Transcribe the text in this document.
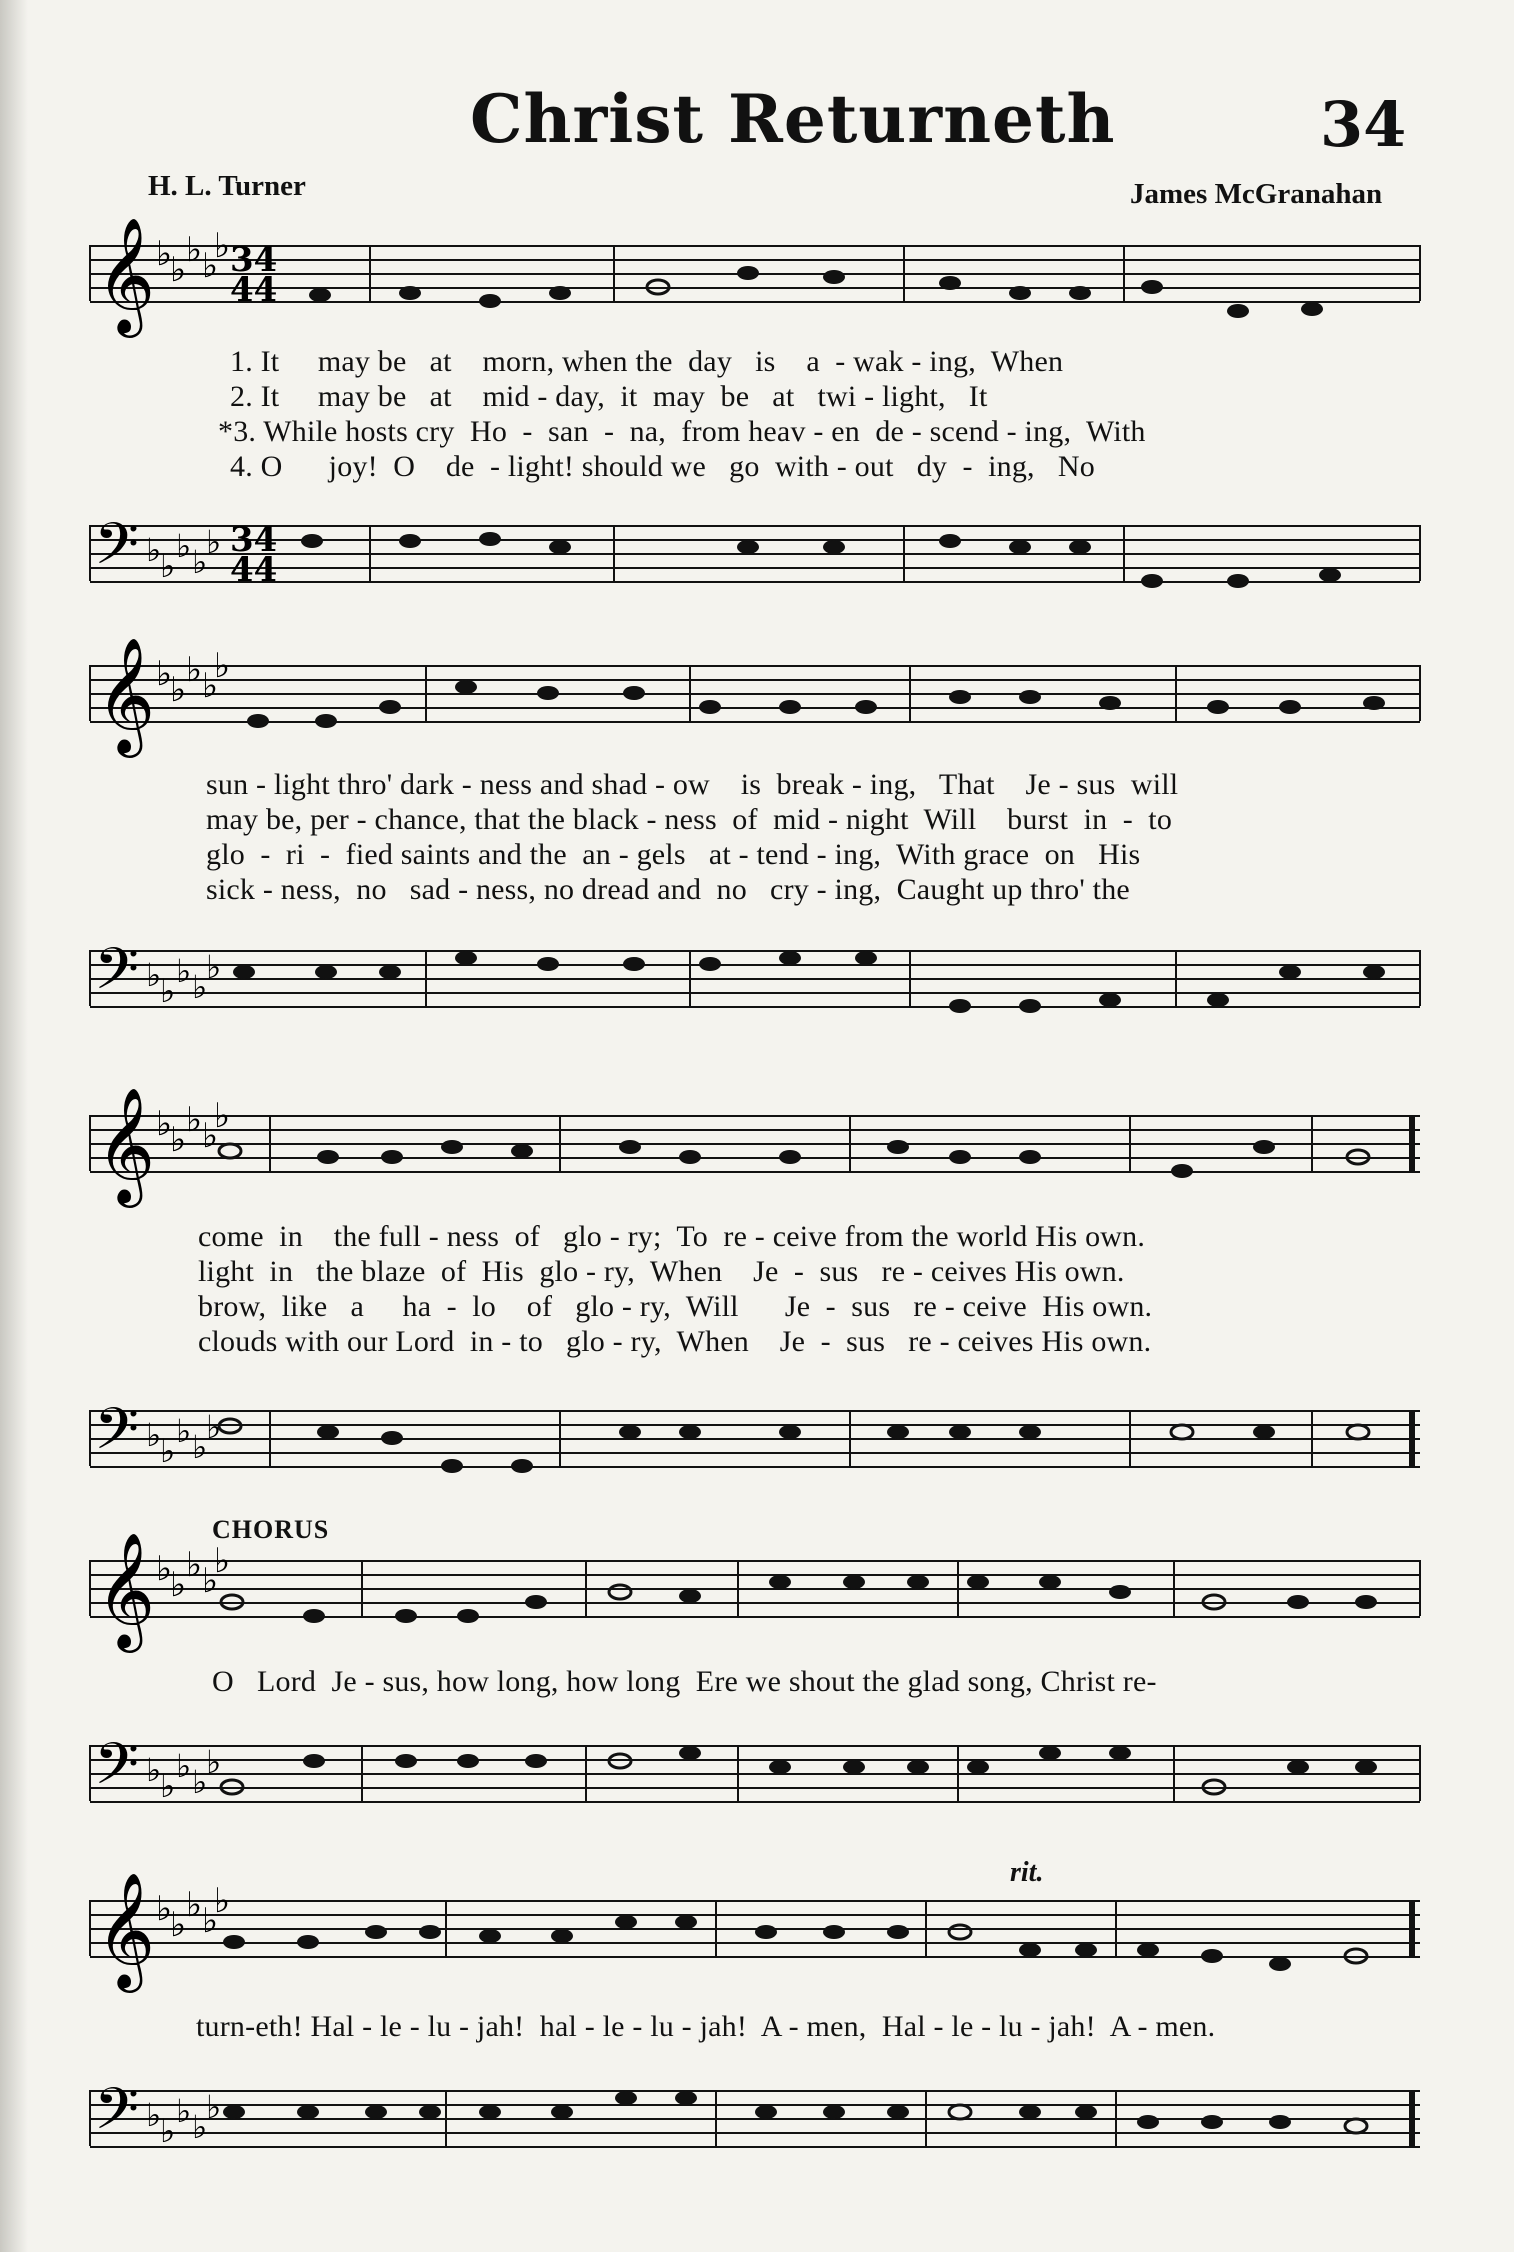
Christ Returneth	34
H. L. Turner	James McGranahan
𝄞 ♭
♭ ♭ ♭
♭ 34
44
1. It     may be   at    morn, when the  day   is    a  - wak - ing,  When
2. It     may be   at    mid - day,  it  may  be   at   twi - light,   It
*3. While hosts cry  Ho  -  san  -  na,  from heav - en  de - scend - ing,  With
4. O      joy!  O    de  - light! should we   go  with - out   dy  -  ing,   No
𝄢 ♭
♭
♭ ♭
♭ 34
44
𝄞 ♭
♭ ♭ ♭
♭
sun - light thro' dark - ness and shad - ow    is  break - ing,   That    Je - sus  will
may be, per - chance, that the black - ness  of  mid - night  Will    burst  in  -  to
glo  -  ri  -  fied saints and the  an - gels   at - tend - ing,  With grace  on   His
sick - ness,  no   sad - ness, no dread and  no   cry - ing,  Caught up thro' the
𝄢 ♭
♭
♭ ♭
♭
𝄞 ♭
♭ ♭ ♭
♭
come  in    the full - ness  of   glo - ry;  To  re - ceive from the world His own.
light  in   the blaze  of  His  glo - ry,  When    Je  -  sus   re - ceives His own.
brow,  like   a     ha  -  lo    of   glo - ry,  Will      Je  -  sus   re - ceive  His own.
clouds with our Lord  in - to   glo - ry,  When    Je  -  sus   re - ceives His own.
𝄢 ♭
♭
♭ ♭
♭
CHORUS
𝄞 ♭
♭ ♭ ♭
♭
O   Lord  Je - sus, how long, how long  Ere we shout the glad song, Christ re-
𝄢 ♭
♭
♭ ♭
♭
rit.
𝄞 ♭
♭ ♭ ♭
♭
turn-eth! Hal - le - lu - jah!  hal - le - lu - jah!  A - men,  Hal - le - lu - jah!  A - men.
𝄢 ♭
♭
♭ ♭
♭
